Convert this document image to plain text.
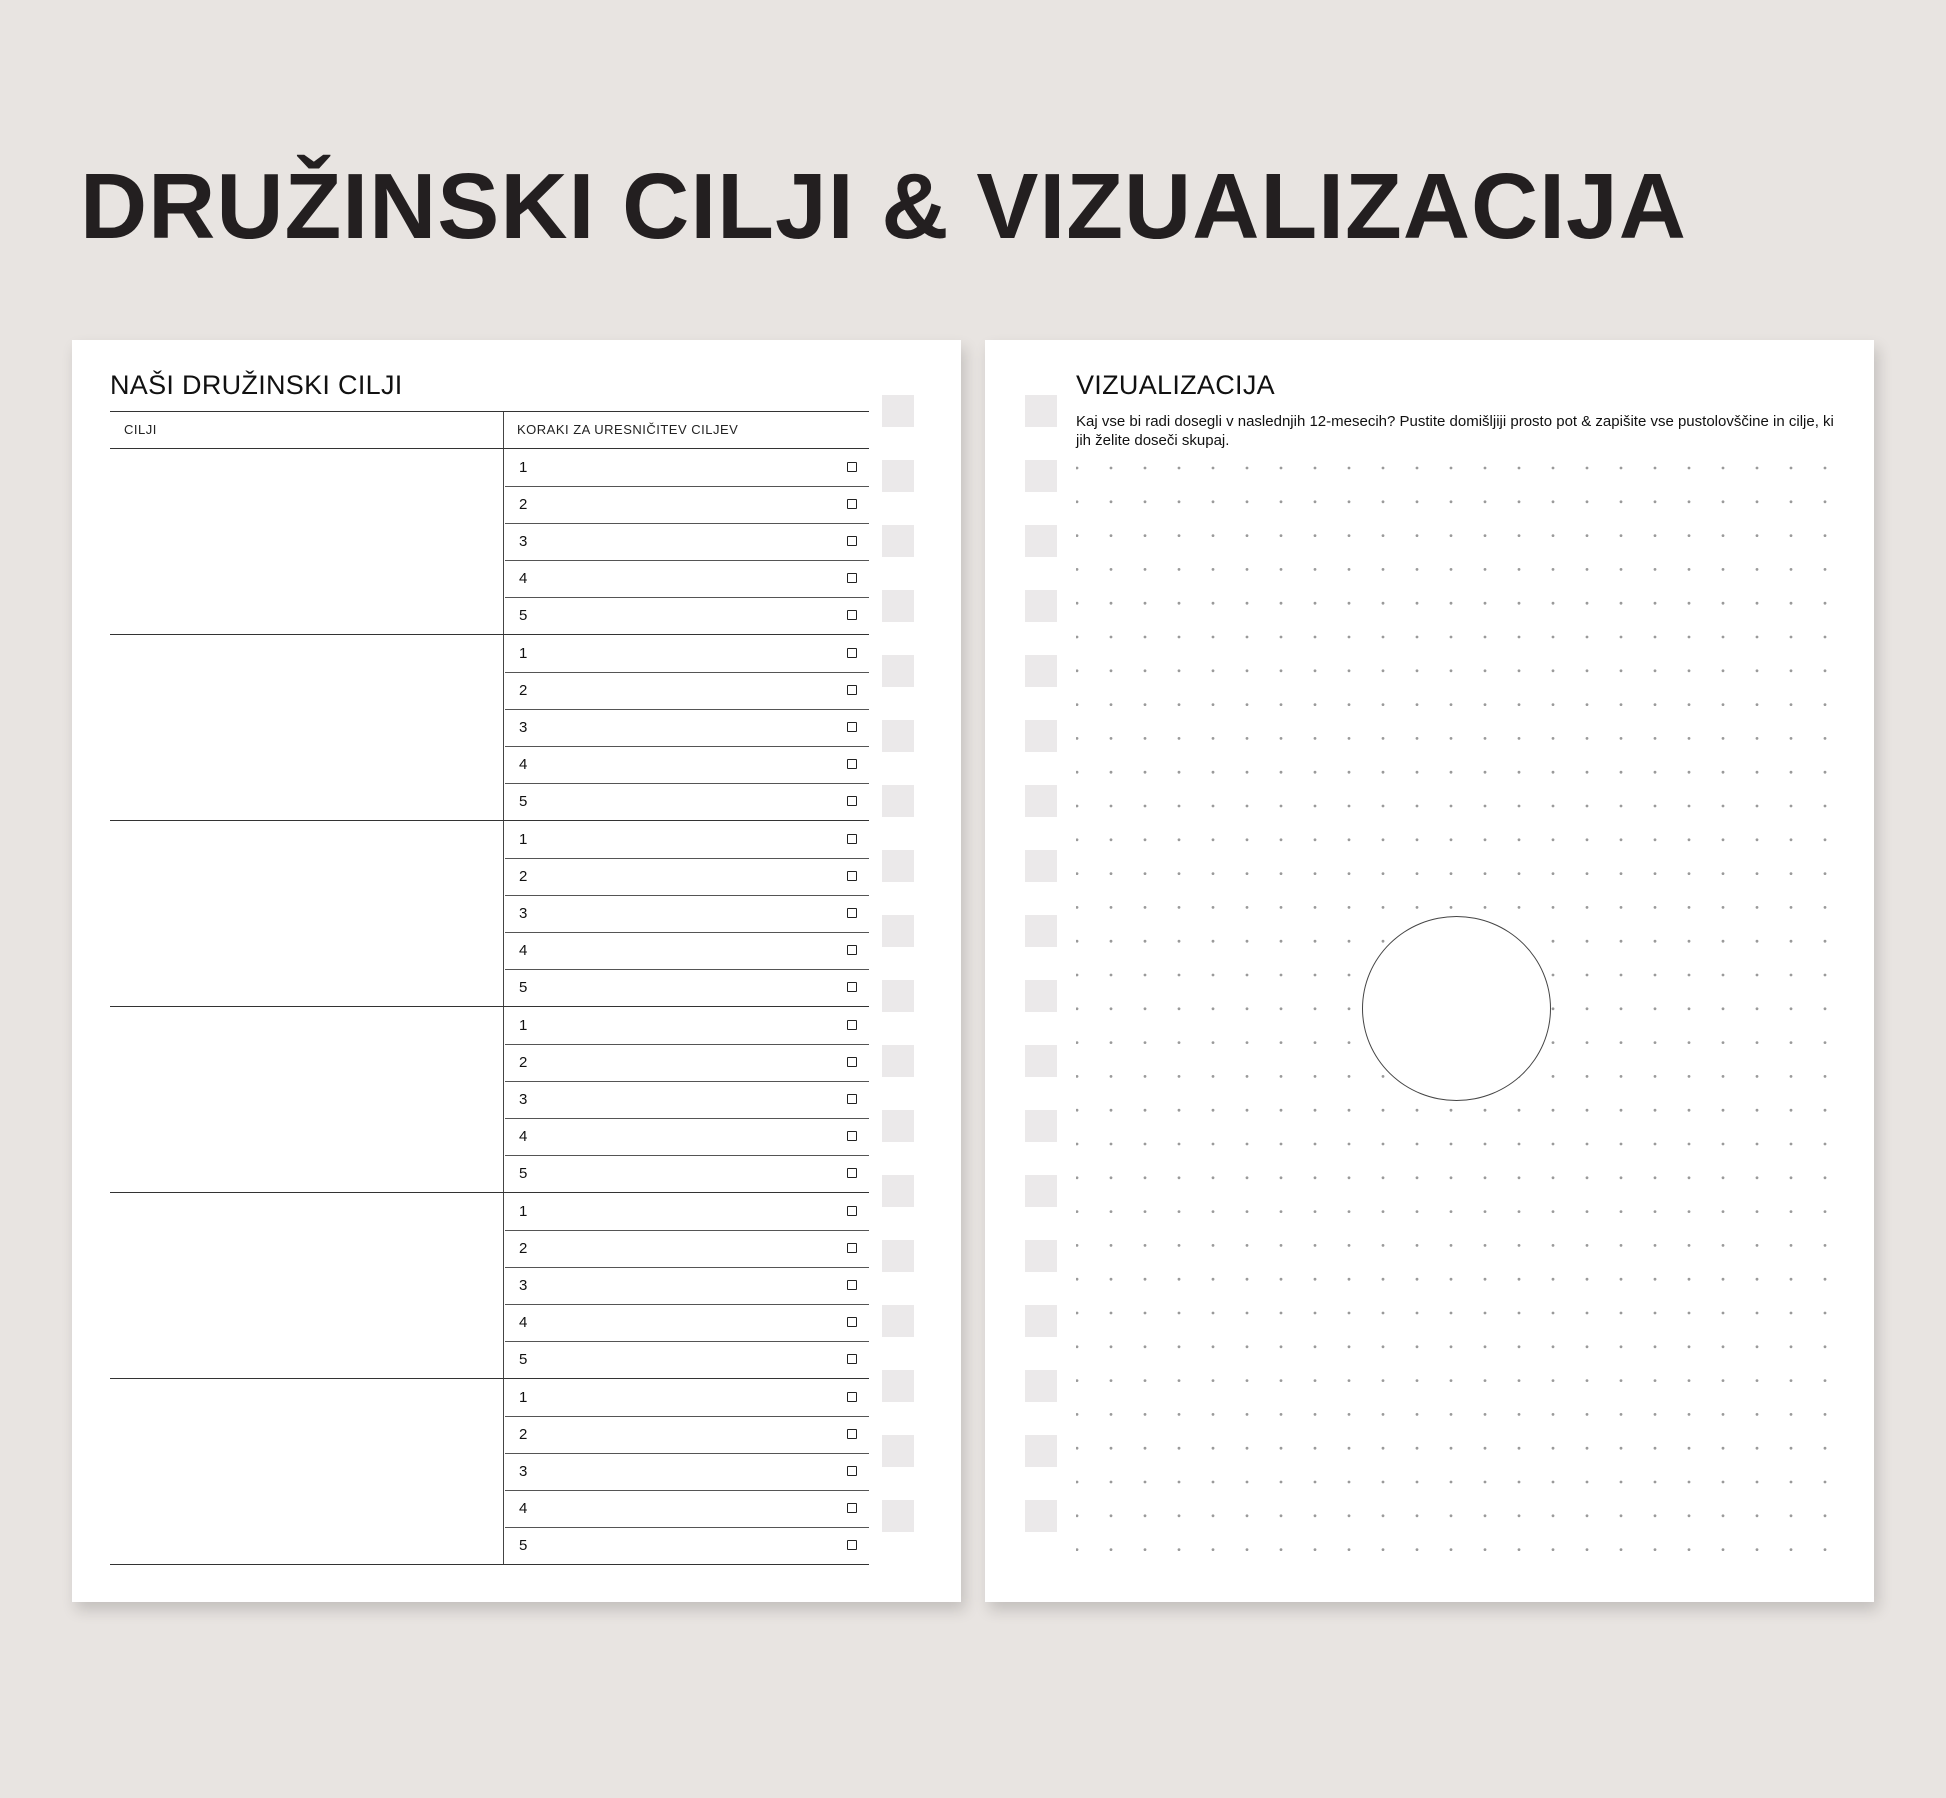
DRUŽINSKI CILJI & VIZUALIZACIJA
NAŠI DRUŽINSKI CILJI
CILJI	KORAKI ZA URESNIČITEV CILJEV
1
2
3
4
5
1
2
3
4
5
1
2
3
4
5
1
2
3
4
5
1
2
3
4
5
1
2
3
4
5
VIZUALIZACIJA

Kaj vse bi radi dosegli v naslednjih 12-mesecih? Pustite domišljiji prosto pot & zapišite vse pustolovščine in cilje, ki jih želite doseči skupaj.
